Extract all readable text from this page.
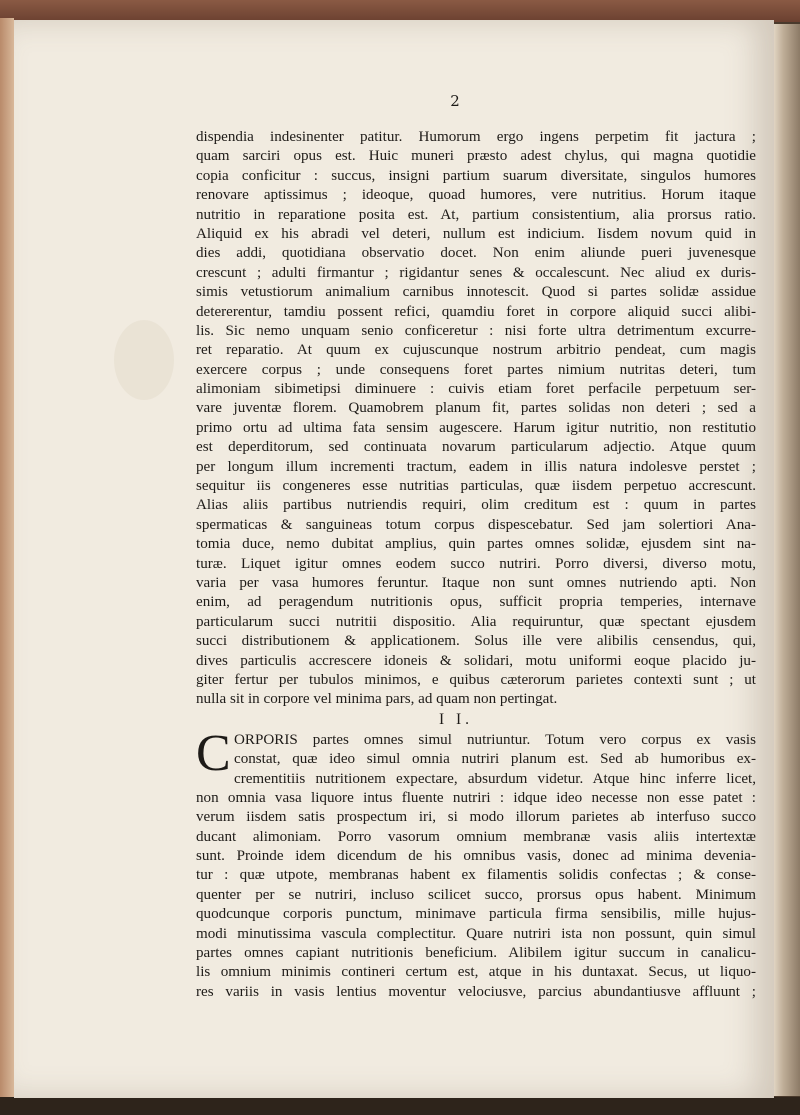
2
dispendia indesinenter patitur. Humorum ergo ingens perpetim fit jactura ;
quam sarciri opus est. Huic muneri præsto adest chylus, qui magna quotidie
copia conficitur : succus, insigni partium suarum diversitate, singulos humores
renovare aptissimus ; ideoque, quoad humores, vere nutritius. Horum itaque
nutritio in reparatione posita est. At, partium consistentium, alia prorsus ratio.
Aliquid ex his abradi vel deteri, nullum est indicium. Iisdem novum quid in
dies addi, quotidiana observatio docet. Non enim aliunde pueri juvenesque
crescunt ; adulti firmantur ; rigidantur senes & occalescunt. Nec aliud ex duris-
simis vetustiorum animalium carnibus innotescit. Quod si partes solidæ assidue
detererentur, tamdiu possent refici, quamdiu foret in corpore aliquid succi alibi-
lis. Sic nemo unquam senio conficeretur : nisi forte ultra detrimentum excurre-
ret reparatio. At quum ex cujuscunque nostrum arbitrio pendeat, cum magis
exercere corpus ; unde consequens foret partes nimium nutritas deteri, tum
alimoniam sibimetipsi diminuere : cuivis etiam foret perfacile perpetuum ser-
vare juventæ florem. Quamobrem planum fit, partes solidas non deteri ; sed a
primo ortu ad ultima fata sensim augescere. Harum igitur nutritio, non restitutio
est deperditorum, sed continuata novarum particularum adjectio. Atque quum
per longum illum incrementi tractum, eadem in illis natura indolesve perstet ;
sequitur iis congeneres esse nutritias particulas, quæ iisdem perpetuo accrescunt.
Alias aliis partibus nutriendis requiri, olim creditum est : quum in partes
spermaticas & sanguineas totum corpus dispescebatur. Sed jam solertiori Ana-
tomia duce, nemo dubitat amplius, quin partes omnes solidæ, ejusdem sint na-
turæ. Liquet igitur omnes eodem succo nutriri. Porro diversi, diverso motu,
varia per vasa humores feruntur. Itaque non sunt omnes nutriendo apti. Non
enim, ad peragendum nutritionis opus, sufficit propria temperies, internave
particularum succi nutritii dispositio. Alia requiruntur, quæ spectant ejusdem
succi distributionem & applicationem. Solus ille vere alibilis censendus, qui,
dives particulis accrescere idoneis & solidari, motu uniformi eoque placido ju-
giter fertur per tubulos minimos, e quibus cæterorum parietes contexti sunt ; ut
nulla sit in corpore vel minima pars, ad quam non pertingat.
I I.
C ORPORIS partes omnes simul nutriuntur. Totum vero corpus ex vasis
constat, quæ ideo simul omnia nutriri planum est. Sed ab humoribus ex-
crementitiis nutritionem expectare, absurdum videtur. Atque hinc inferre licet,
non omnia vasa liquore intus fluente nutriri : idque ideo necesse non esse patet :
verum iisdem satis prospectum iri, si modo illorum parietes ab interfuso succo
ducant alimoniam. Porro vasorum omnium membranæ vasis aliis intertextæ
sunt. Proinde idem dicendum de his omnibus vasis, donec ad minima devenia-
tur : quæ utpote, membranas habent ex filamentis solidis confectas ; & conse-
quenter per se nutriri, incluso scilicet succo, prorsus opus habent. Minimum
quodcunque corporis punctum, minimave particula firma sensibilis, mille hujus-
modi minutissima vascula complectitur. Quare nutriri ista non possunt, quin simul
partes omnes capiant nutritionis beneficium. Alibilem igitur succum in canalicu-
lis omnium minimis contineri certum est, atque in his duntaxat. Secus, ut liquo-
res variis in vasis lentius moventur velociusve, parcius abundantiusve affluunt ;
